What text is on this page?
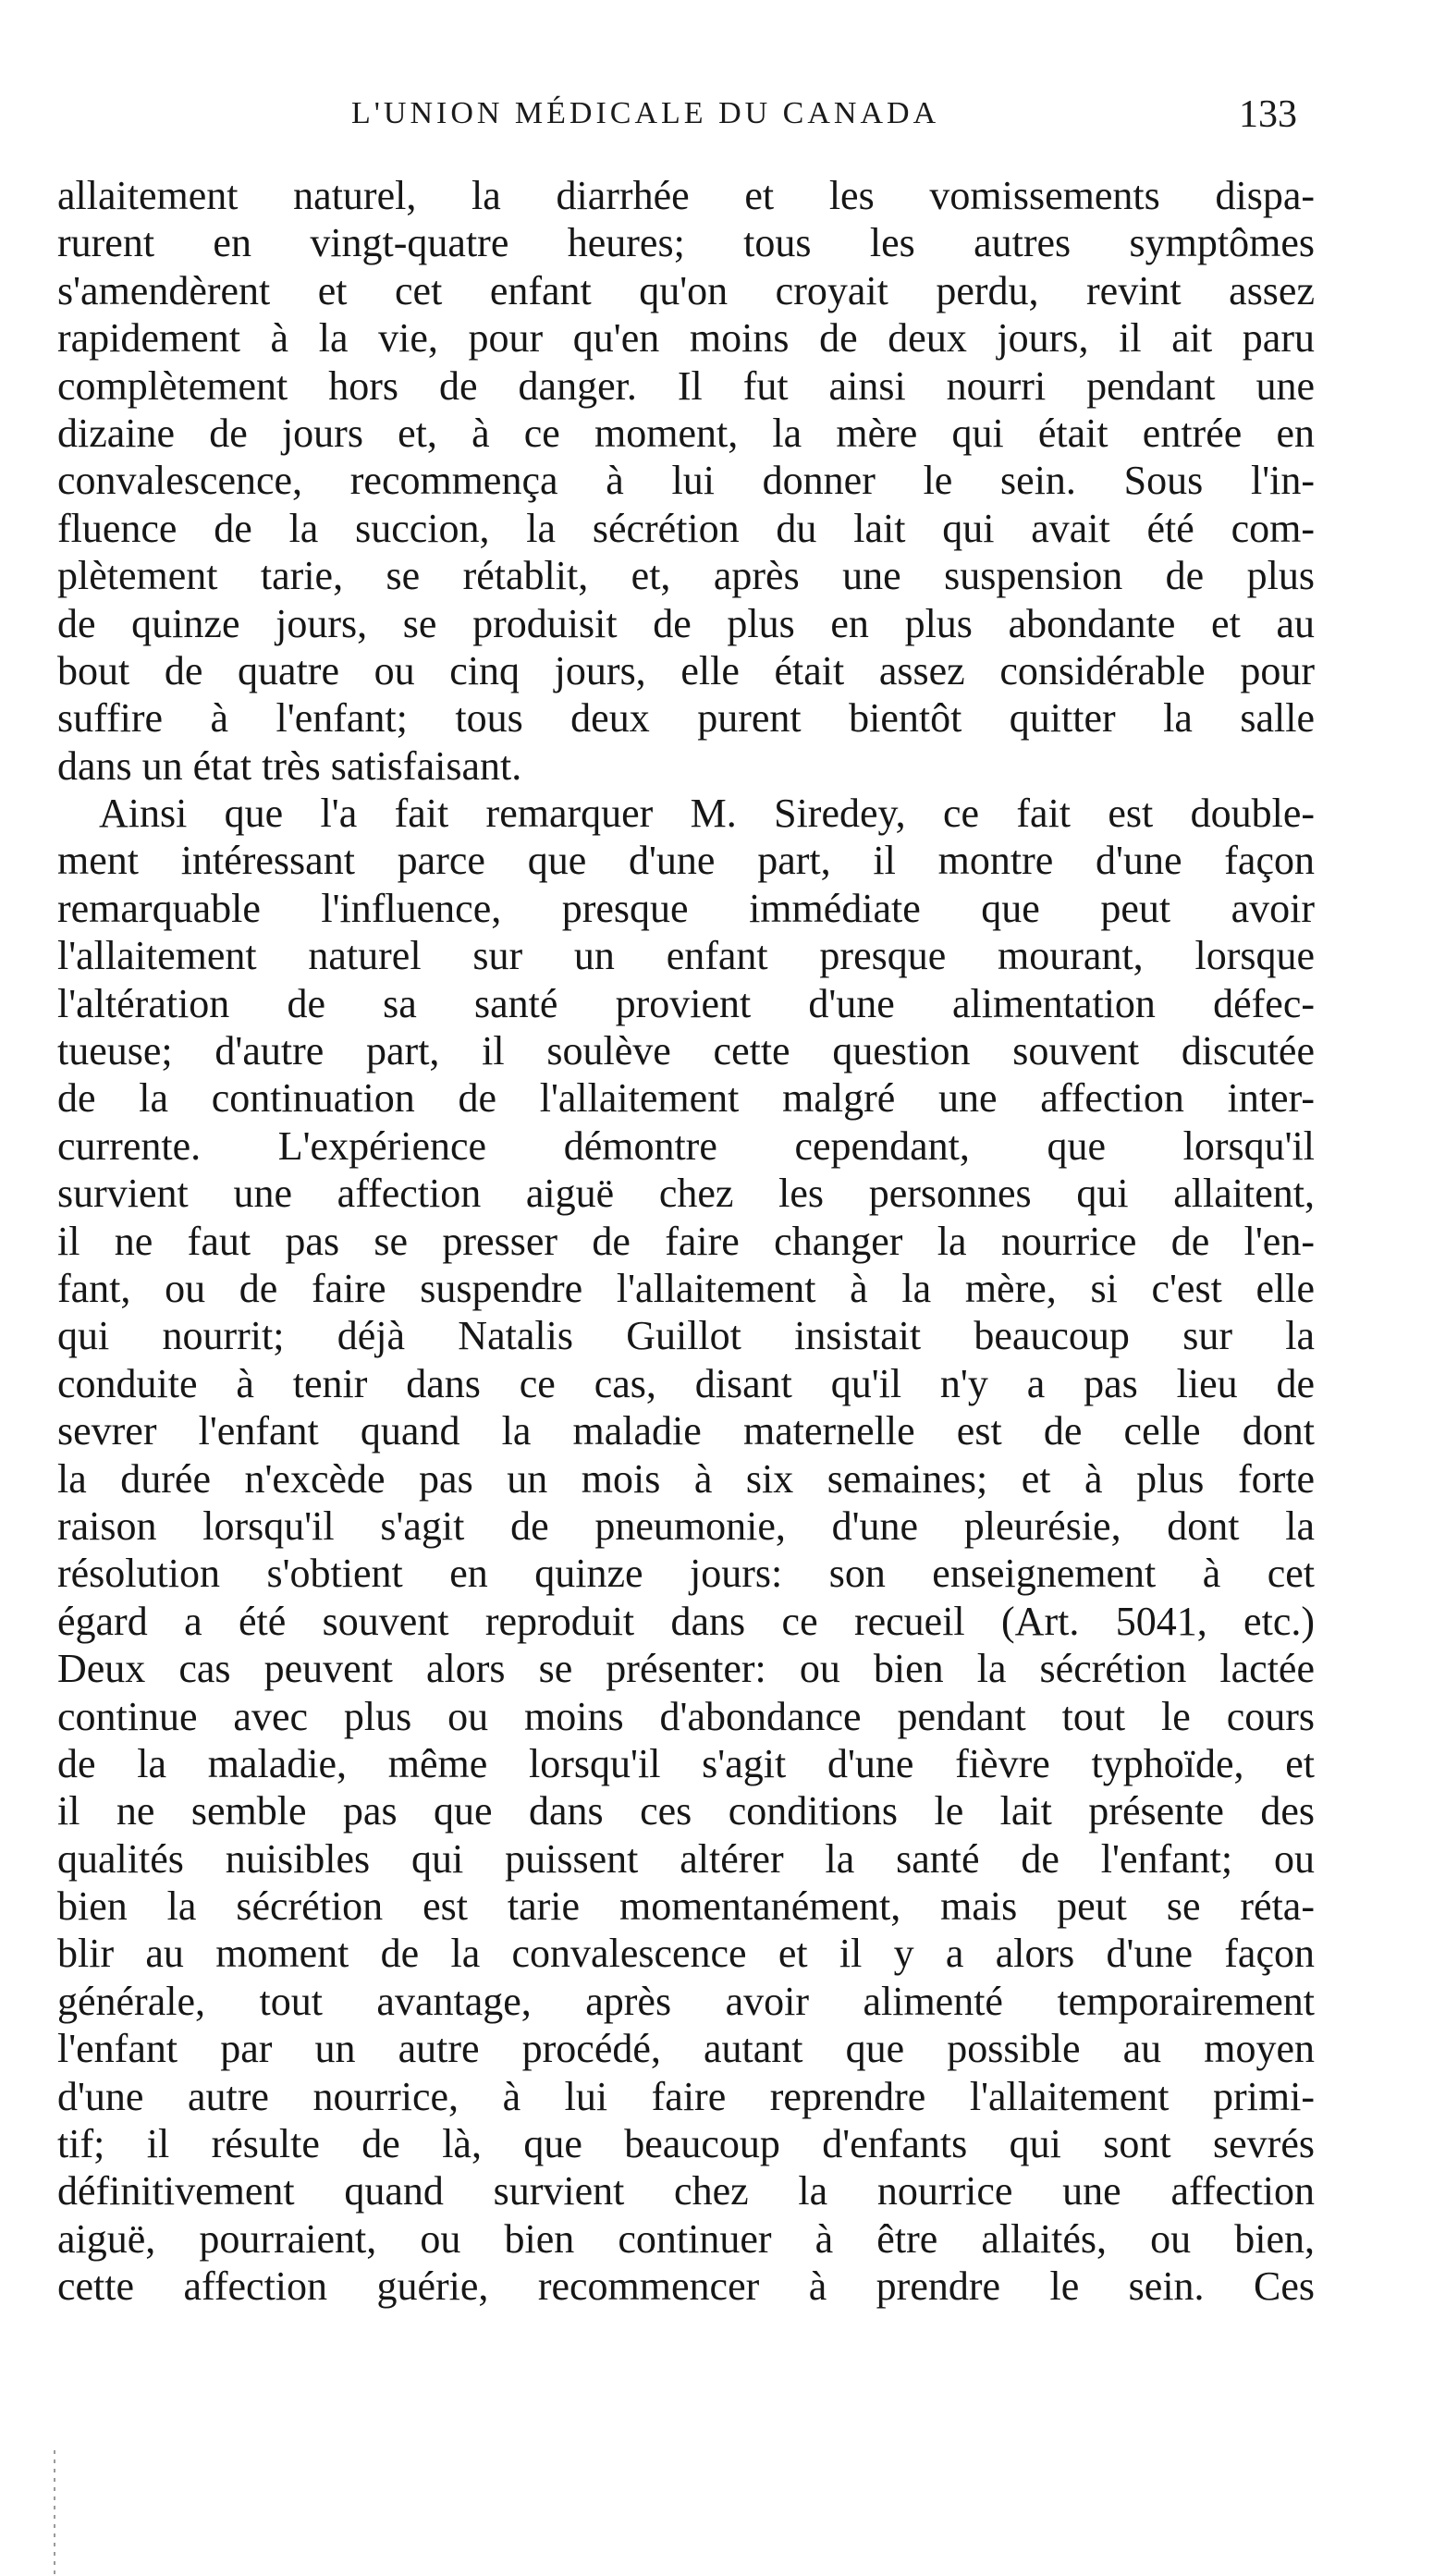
L'UNION MÉDICALE DU CANADA	133
allaitement naturel, la diarrhée et les vomissements dispa-
rurent en vingt-quatre heures; tous les autres symptômes
s'amendèrent et cet enfant qu'on croyait perdu, revint assez
rapidement à la vie, pour qu'en moins de deux jours, il ait paru
complètement hors de danger. Il fut ainsi nourri pendant une
dizaine de jours et, à ce moment, la mère qui était entrée en
convalescence, recommença à lui donner le sein. Sous l'in-
fluence de la succion, la sécrétion du lait qui avait été com-
plètement tarie, se rétablit, et, après une suspension de plus
de quinze jours, se produisit de plus en plus abondante et au
bout de quatre ou cinq jours, elle était assez considérable pour
suffire à l'enfant; tous deux purent bientôt quitter la salle
dans un état très satisfaisant.
Ainsi que l'a fait remarquer M. Siredey, ce fait est double-
ment intéressant parce que d'une part, il montre d'une façon
remarquable l'influence, presque immédiate que peut avoir
l'allaitement naturel sur un enfant presque mourant, lorsque
l'altération de sa santé provient d'une alimentation défec-
tueuse; d'autre part, il soulève cette question souvent discutée
de la continuation de l'allaitement malgré une affection inter-
currente. L'expérience démontre cependant, que lorsqu'il
survient une affection aiguë chez les personnes qui allaitent,
il ne faut pas se presser de faire changer la nourrice de l'en-
fant, ou de faire suspendre l'allaitement à la mère, si c'est elle
qui nourrit; déjà Natalis Guillot insistait beaucoup sur la
conduite à tenir dans ce cas, disant qu'il n'y a pas lieu de
sevrer l'enfant quand la maladie maternelle est de celle dont
la durée n'excède pas un mois à six semaines; et à plus forte
raison lorsqu'il s'agit de pneumonie, d'une pleurésie, dont la
résolution s'obtient en quinze jours: son enseignement à cet
égard a été souvent reproduit dans ce recueil (Art. 5041, etc.)
Deux cas peuvent alors se présenter: ou bien la sécrétion lactée
continue avec plus ou moins d'abondance pendant tout le cours
de la maladie, même lorsqu'il s'agit d'une fièvre typhoïde, et
il ne semble pas que dans ces conditions le lait présente des
qualités nuisibles qui puissent altérer la santé de l'enfant; ou
bien la sécrétion est tarie momentanément, mais peut se réta-
blir au moment de la convalescence et il y a alors d'une façon
générale, tout avantage, après avoir alimenté temporairement
l'enfant par un autre procédé, autant que possible au moyen
d'une autre nourrice, à lui faire reprendre l'allaitement primi-
tif; il résulte de là, que beaucoup d'enfants qui sont sevrés
définitivement quand survient chez la nourrice une affection
aiguë, pourraient, ou bien continuer à être allaités, ou bien,
cette affection guérie, recommencer à prendre le sein. Ces
